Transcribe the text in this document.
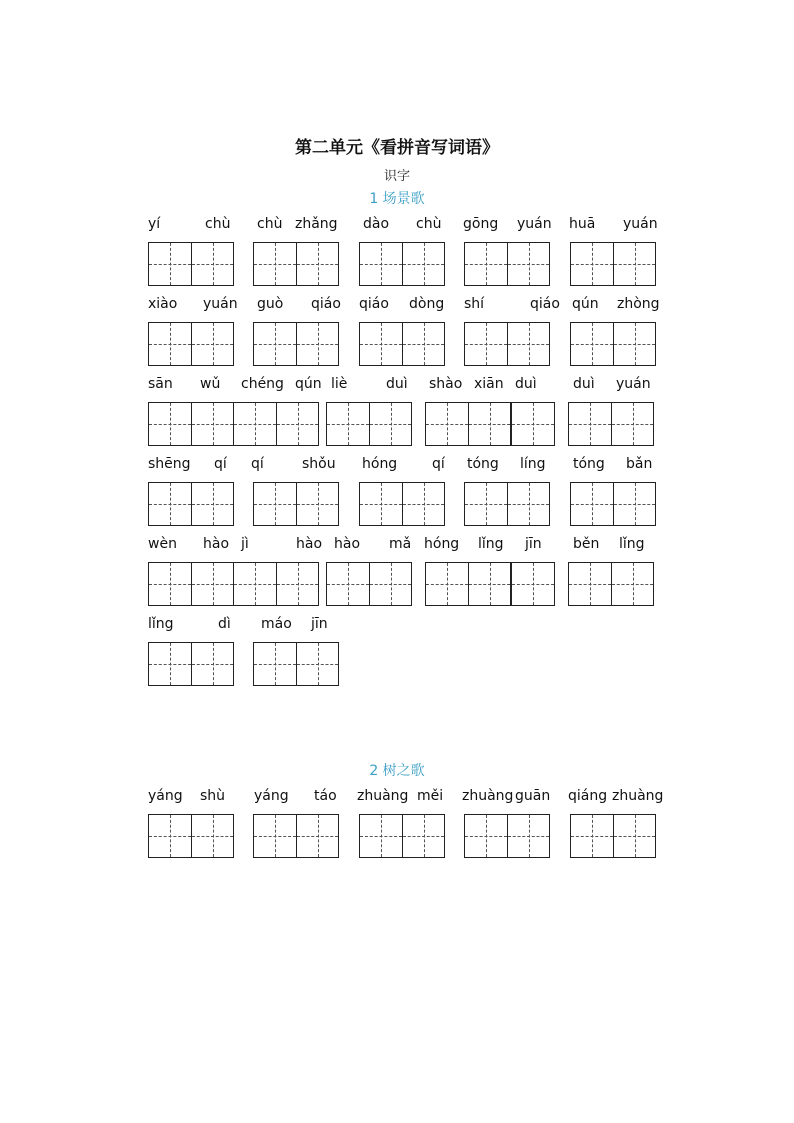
第二单元《看拼音写词语》
识字
1 场景歌
yí	chù chù zhǎng dào chù gōng yuán huā yuán
xiào yuán guò qiáo qiáo dòng shí	qiáo qún zhòng
sān wǔ chéng qún liè	duì shào xiān duì	duì yuán
shēng qí qí	shǒu hóng qí tóng líng tóng bǎn
wèn hào jì	hào hào mǎ hóng lǐng jīn běn lǐng
lǐng	dì máo jīn
2 树之歌
yáng shù yáng táo zhuàng měi zhuàng guān qiáng zhuàng
